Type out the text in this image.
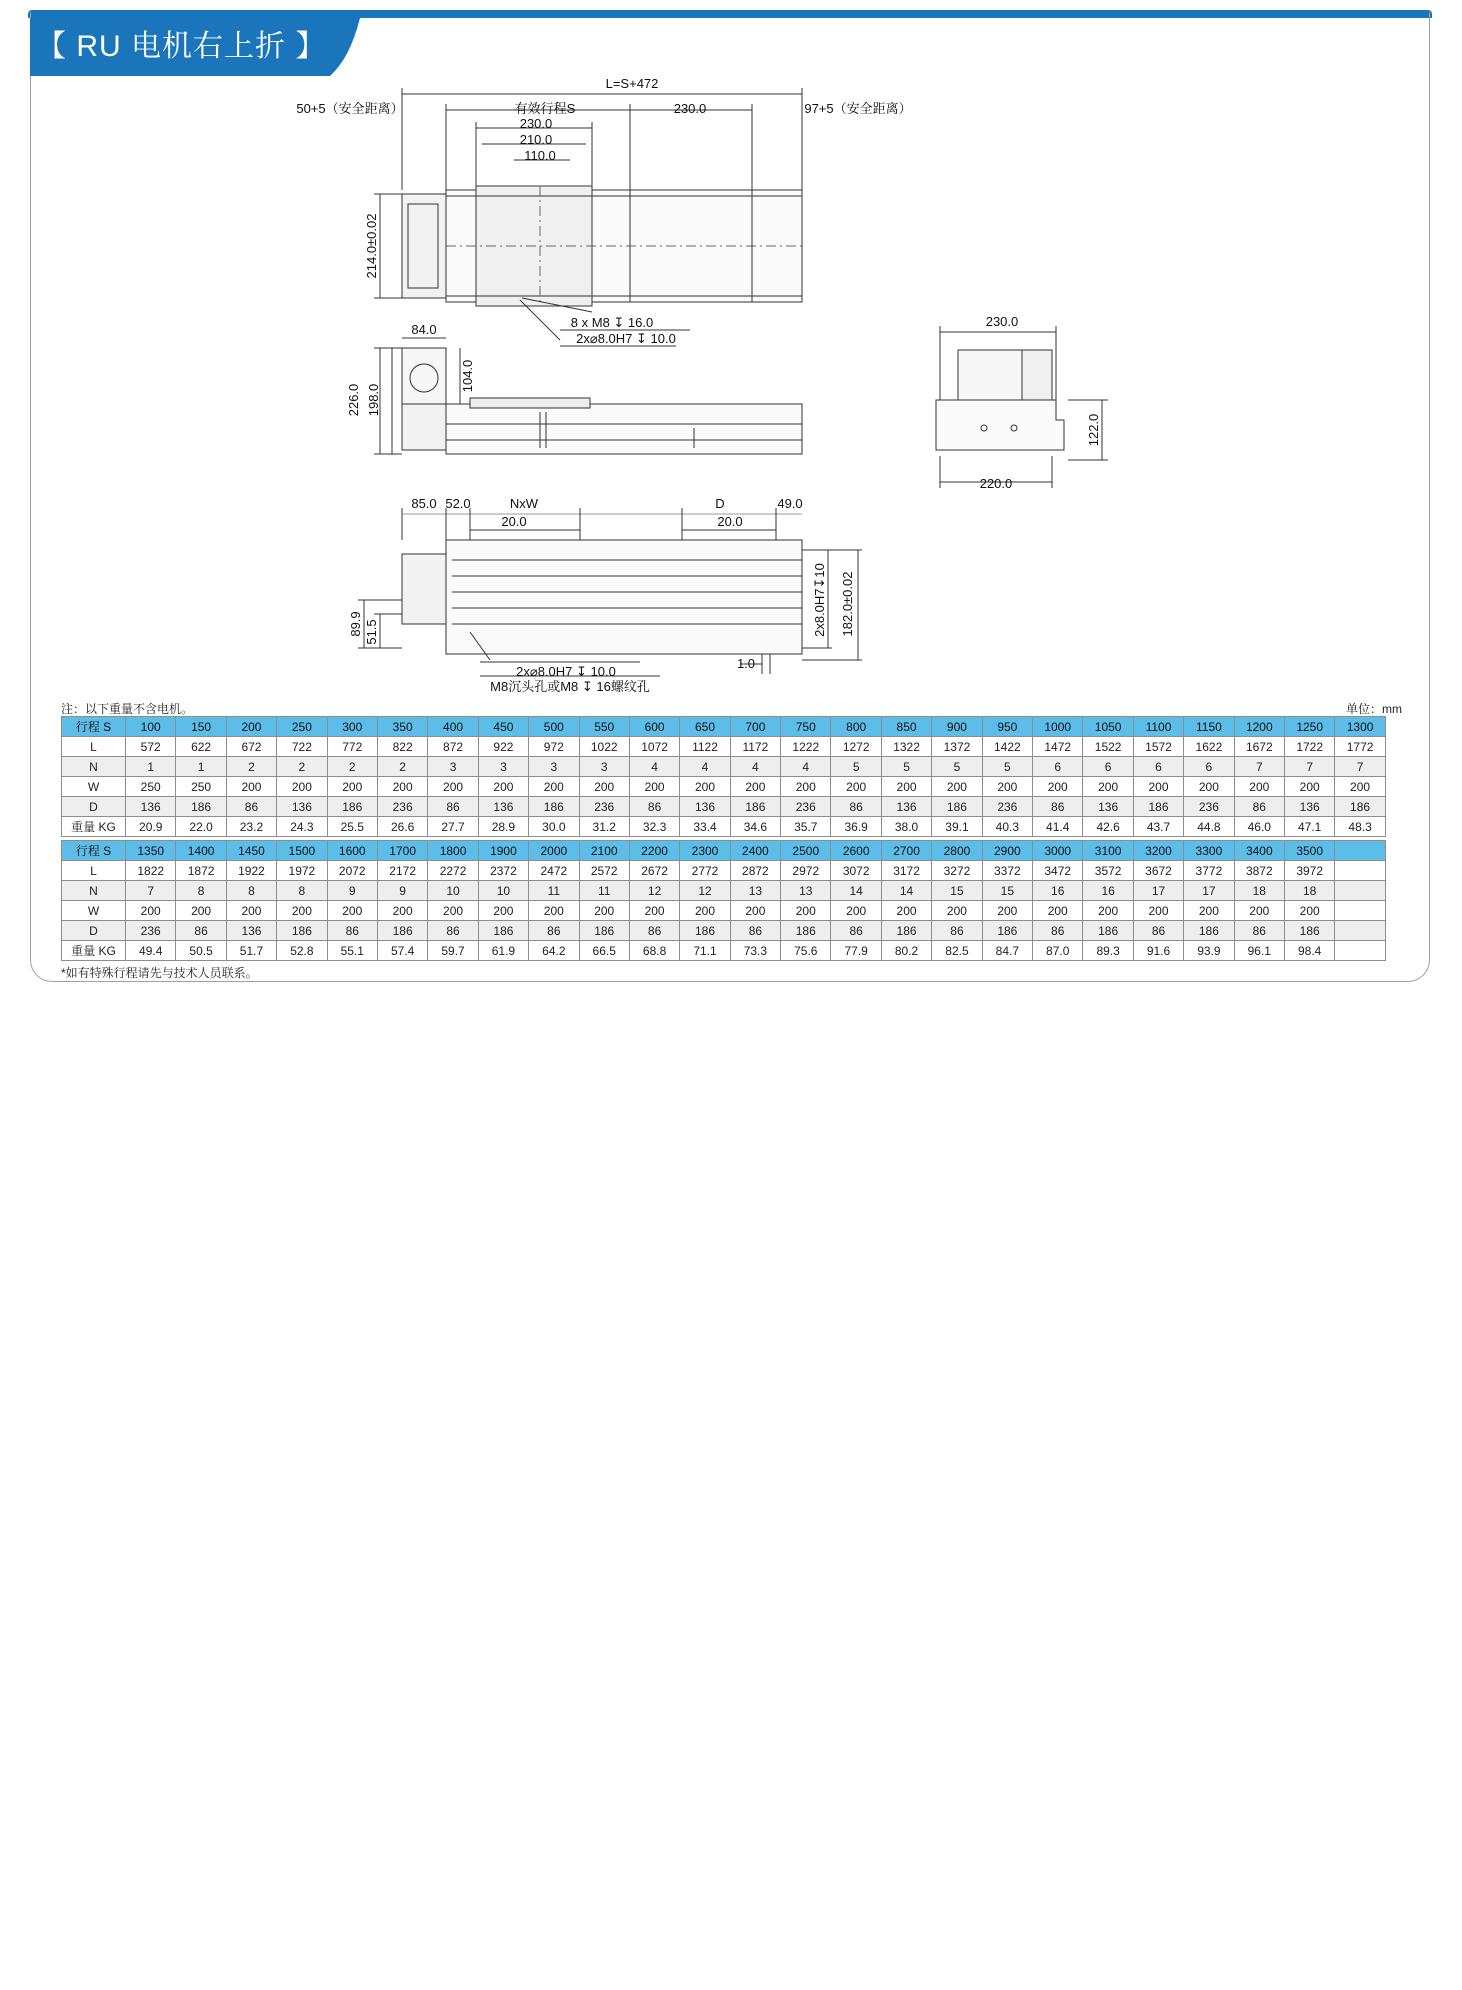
【 RU 电机右上折 】
L=S+472
50+5（安全距离）	有效行程S	230.0	97+5（安全距离）
230.0
210.0
110.0
214.0±0.02
8 x M8 ↧ 16.0
2x⌀8.0H7 ↧ 10.0
84.0
226.0 198.0
104.0
230.0
122.0
220.0
85.0 52.0	NxW
20.0
D
20.0
49.0
2x8.0H7↧10 182.0±0.02
89.9 51.5
2x⌀8.0H7 ↧ 10.0
M8沉头孔或M8 ↧ 16螺纹孔
1.0
注：以下重量不含电机。	单位：mm
行程 S	100	150	200	250	300	350	400	450	500	550	600	650	700	750	800	850	900	950	1000	1050	1100	1150	1200	1250	1300
L	572	622	672	722	772	822	872	922	972	1022	1072	1122	1172	1222	1272	1322	1372	1422	1472	1522	1572	1622	1672	1722	1772
N	1	1	2	2	2	2	3	3	3	3	4	4	4	4	5	5	5	5	6	6	6	6	7	7	7
W	250	250	200	200	200	200	200	200	200	200	200	200	200	200	200	200	200	200	200	200	200	200	200	200	200
D	136	186	86	136	186	236	86	136	186	236	86	136	186	236	86	136	186	236	86	136	186	236	86	136	186
重量 KG	20.9	22.0	23.2	24.3	25.5	26.6	27.7	28.9	30.0	31.2	32.3	33.4	34.6	35.7	36.9	38.0	39.1	40.3	41.4	42.6	43.7	44.8	46.0	47.1	48.3
行程 S	1350	1400	1450	1500	1600	1700	1800	1900	2000	2100	2200	2300	2400	2500	2600	2700	2800	2900	3000	3100	3200	3300	3400	3500	
L	1822	1872	1922	1972	2072	2172	2272	2372	2472	2572	2672	2772	2872	2972	3072	3172	3272	3372	3472	3572	3672	3772	3872	3972	
N	7	8	8	8	9	9	10	10	11	11	12	12	13	13	14	14	15	15	16	16	17	17	18	18	
W	200	200	200	200	200	200	200	200	200	200	200	200	200	200	200	200	200	200	200	200	200	200	200	200	
D	236	86	136	186	86	186	86	186	86	186	86	186	86	186	86	186	86	186	86	186	86	186	86	186	
重量 KG	49.4	50.5	51.7	52.8	55.1	57.4	59.7	61.9	64.2	66.5	68.8	71.1	73.3	75.6	77.9	80.2	82.5	84.7	87.0	89.3	91.6	93.9	96.1	98.4	
*如有特殊行程请先与技术人员联系。
